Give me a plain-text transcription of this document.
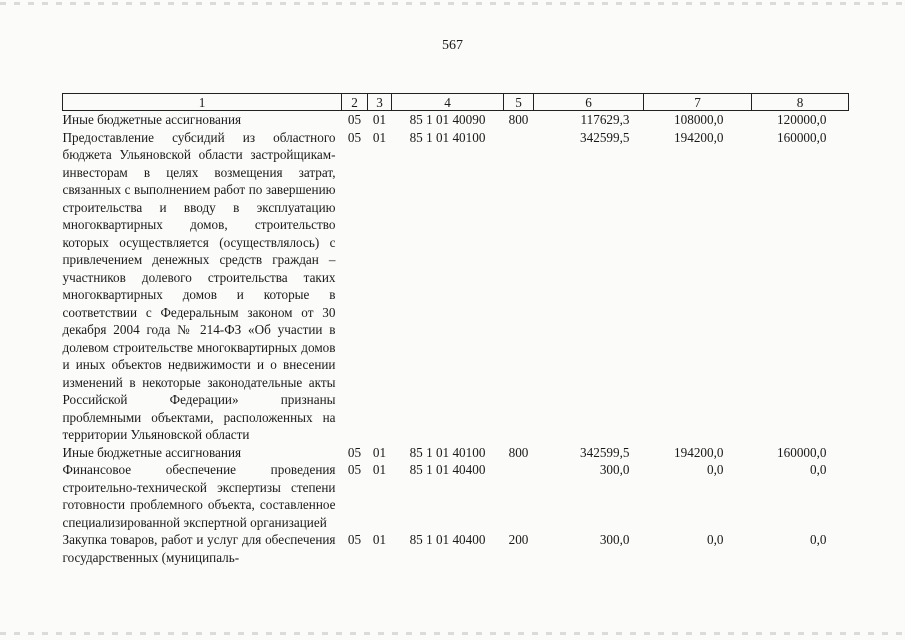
567
1	2	3	4	5	6	7	8
Иные бюджетные ассигнования	05	01	85 1 01 40090	800	117629,3	108000,0	120000,0
Предоставление субсидий из областного бюджета Ульяновской области застройщикам-инвесторам в целях возмещения затрат, связанных с выполнением работ по завершению строительства и вводу в эксплуатацию многоквартирных домов, строительство которых осуществляется (осуществлялось) с привлечением денежных средств граждан – участников долевого строительства таких многоквартирных домов и которые в соответствии с Федеральным законом от 30 декабря 2004 года № 214-ФЗ «Об участии в долевом строительстве многоквартирных домов и иных объектов недвижимости и о внесении изменений в некоторые законодательные акты Российской Федерации» признаны проблемными объектами, расположенных на территории Ульяновской области	05	01	85 1 01 40100		342599,5	194200,0	160000,0
Иные бюджетные ассигнования	05	01	85 1 01 40100	800	342599,5	194200,0	160000,0
Финансовое обеспечение проведения строительно-технической экспертизы степени готовности проблемного объекта, составленное специализированной экспертной организацией	05	01	85 1 01 40400		300,0	0,0	0,0
Закупка товаров, работ и услуг для обеспечения государственных (муниципаль-	05	01	85 1 01 40400	200	300,0	0,0	0,0
